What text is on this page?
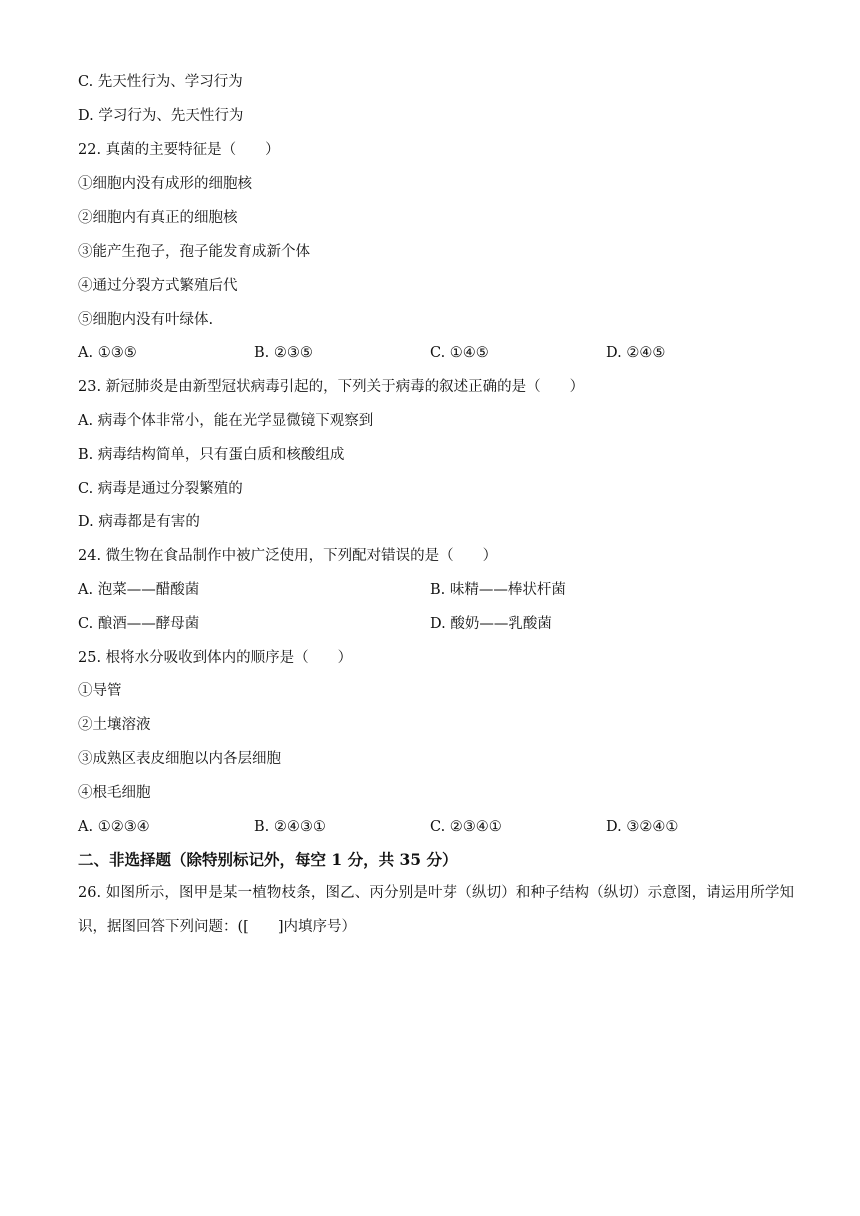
C. 先天性行为、学习行为
D. 学习行为、先天性行为
22. 真菌的主要特征是（　　）
①细胞内没有成形的细胞核
②细胞内有真正的细胞核
③能产生孢子，孢子能发育成新个体
④通过分裂方式繁殖后代
⑤细胞内没有叶绿体.
A. ①③⑤	B. ②③⑤	C. ①④⑤	D. ②④⑤
23. 新冠肺炎是由新型冠状病毒引起的，下列关于病毒的叙述正确的是（　　）
A. 病毒个体非常小，能在光学显微镜下观察到
B. 病毒结构简单，只有蛋白质和核酸组成
C. 病毒是通过分裂繁殖的
D. 病毒都是有害的
24. 微生物在食品制作中被广泛使用，下列配对错误的是（　　）
A. 泡菜——醋酸菌	B. 味精——棒状杆菌
C. 酿酒——酵母菌	D. 酸奶——乳酸菌
25. 根将水分吸收到体内的顺序是（　　）
①导管
②土壤溶液
③成熟区表皮细胞以内各层细胞
④根毛细胞
A. ①②③④	B. ②④③①	C. ②③④①	D. ③②④①
二、非选择题（除特别标记外，每空 1 分，共 35 分）
26. 如图所示，图甲是某一植物枝条，图乙、丙分别是叶芽（纵切）和种子结构（纵切）示意图，请运用所学知识，据图回答下列问题：([　　]内填序号）
